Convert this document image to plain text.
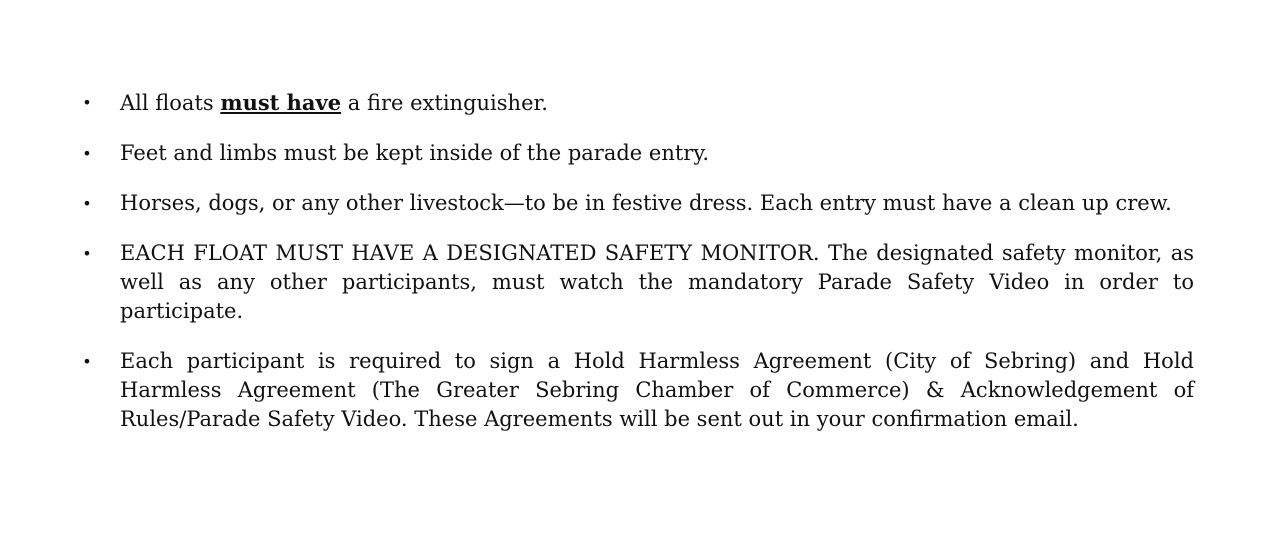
• All floats must have a fire extinguisher.
• Feet and limbs must be kept inside of the parade entry.
• Horses, dogs, or any other livestock—to be in festive dress. Each entry must have a clean up crew.
• EACH FLOAT MUST HAVE A DESIGNATED SAFETY MONITOR. The designated safety monitor, as well as any other participants, must watch the mandatory Parade Safety Video in order to participate.
• Each participant is required to sign a Hold Harmless Agreement (City of Sebring) and Hold Harmless Agreement (The Greater Sebring Chamber of Commerce) & Acknowledgement of Rules/Parade Safety Video. These Agreements will be sent out in your confirmation email.
